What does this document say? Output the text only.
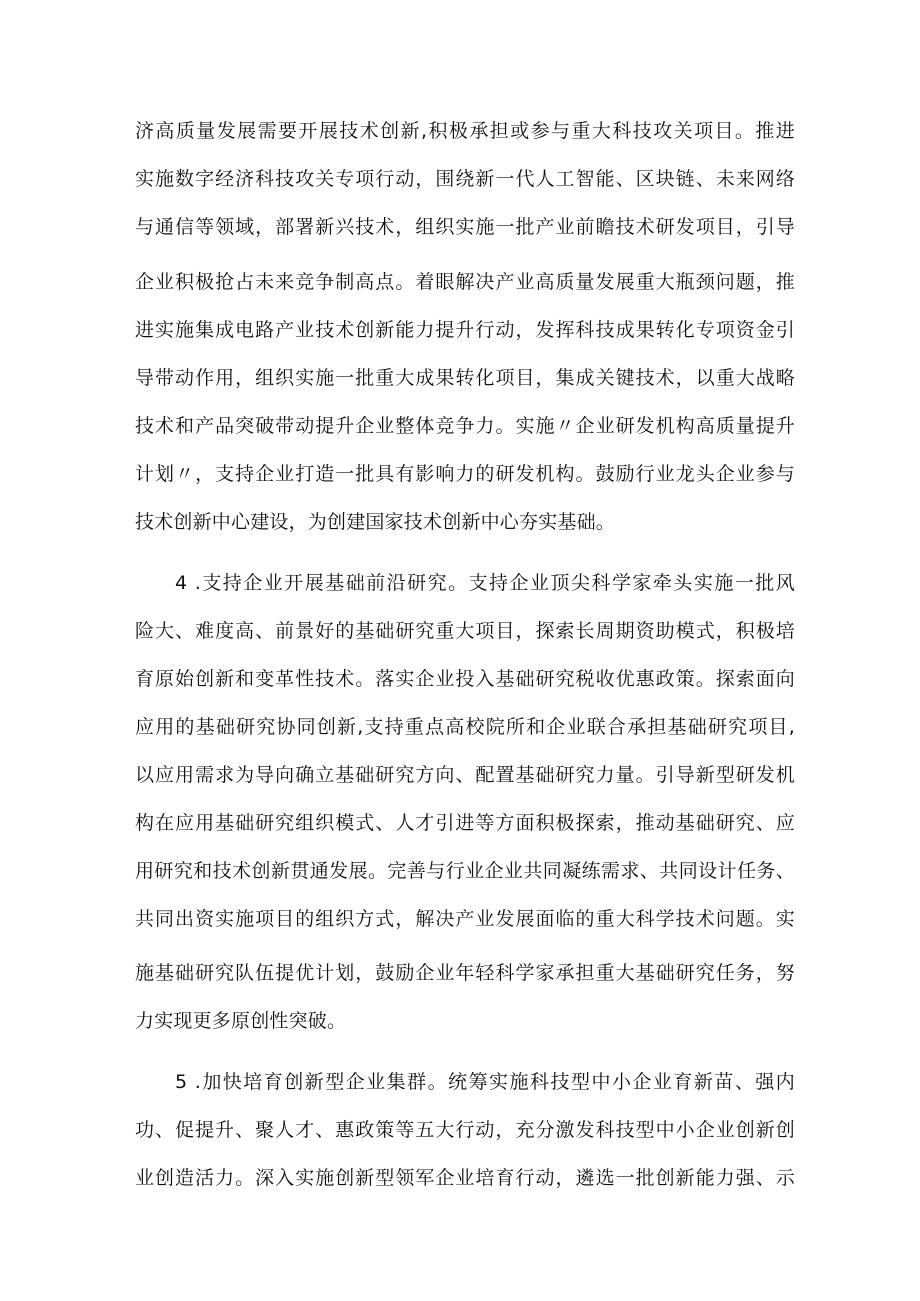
济高质量发展需要开展技术创新,积极承担或参与重大科技攻关项目。推进
实施数字经济科技攻关专项行动，围绕新一代人工智能、区块链、未来网络
与通信等领域，部署新兴技术，组织实施一批产业前瞻技术研发项目，引导
企业积极抢占未来竞争制高点。着眼解决产业高质量发展重大瓶颈问题，推
进实施集成电路产业技术创新能力提升行动，发挥科技成果转化专项资金引
导带动作用，组织实施一批重大成果转化项目，集成关键技术，以重大战略
技术和产品突破带动提升企业整体竞争力。实施〃企业研发机构高质量提升
计划〃，支持企业打造一批具有影响力的研发机构。鼓励行业龙头企业参与
技术创新中心建设，为创建国家技术创新中心夯实基础。
4 .支持企业开展基础前沿研究。支持企业顶尖科学家牵头实施一批风
险大、难度高、前景好的基础研究重大项目，探索长周期资助模式，积极培
育原始创新和变革性技术。落实企业投入基础研究税收优惠政策。探索面向
应用的基础研究协同创新,支持重点高校院所和企业联合承担基础研究项目,
以应用需求为导向确立基础研究方向、配置基础研究力量。引导新型研发机
构在应用基础研究组织模式、人才引进等方面积极探索，推动基础研究、应
用研究和技术创新贯通发展。完善与行业企业共同凝练需求、共同设计任务、
共同出资实施项目的组织方式，解决产业发展面临的重大科学技术问题。实
施基础研究队伍提优计划，鼓励企业年轻科学家承担重大基础研究任务，努
力实现更多原创性突破。
5 .加快培育创新型企业集群。统筹实施科技型中小企业育新苗、强内
功、促提升、聚人才、惠政策等五大行动，充分激发科技型中小企业创新创
业创造活力。深入实施创新型领军企业培育行动，遴选一批创新能力强、示
